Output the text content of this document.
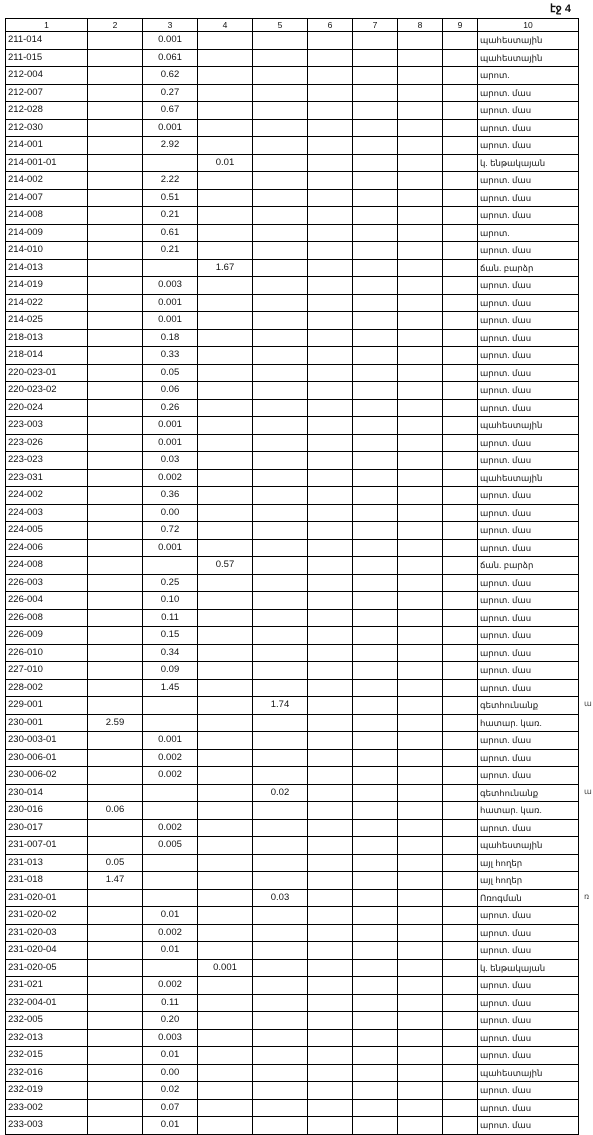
էջ 4
1	2	3	4	5	6	7	8	9	10
211-014		0.001							պահեստային
211-015		0.061							պահեստային
212-004		0.62							արոտ.
212-007		0.27							արոտ. մաս
212-028		0.67							արոտ. մաս
212-030		0.001							արոտ. մաս
214-001		2.92							արոտ. մաս
214-001-01			0.01						կ. ենթակայան
214-002		2.22							արոտ. մաս
214-007		0.51							արոտ. մաս
214-008		0.21							արոտ. մաս
214-009		0.61							արոտ.
214-010		0.21							արոտ. մաս
214-013			1.67						ճան. բարձր
214-019		0.003							արոտ. մաս
214-022		0.001							արոտ. մաս
214-025		0.001							արոտ. մաս
218-013		0.18							արոտ. մաս
218-014		0.33							արոտ. մաս
220-023-01		0.05							արոտ. մաս
220-023-02		0.06							արոտ. մաս
220-024		0.26							արոտ. մաս
223-003		0.001							պահեստային
223-026		0.001							արոտ. մաս
223-023		0.03							արոտ. մաս
223-031		0.002							պահեստային
224-002		0.36							արոտ. մաս
224-003		0.00							արոտ. մաս
224-005		0.72							արոտ. մաս
224-006		0.001							արոտ. մաս
224-008			0.57						ճան. բարձր
226-003		0.25							արոտ. մաս
226-004		0.10							արոտ. մաս
226-008		0.11							արոտ. մաս
226-009		0.15							արոտ. մաս
226-010		0.34							արոտ. մաս
227-010		0.09							արոտ. մաս
228-002		1.45							արոտ. մաս
229-001				1.74					գետհունանք
230-001	2.59								հատար. կառ.
230-003-01		0.001							արոտ. մաս
230-006-01		0.002							արոտ. մաս
230-006-02		0.002							արոտ. մաս
230-014				0.02					գետհունանք
230-016	0.06								հատար. կառ.
230-017		0.002							արոտ. մաս
231-007-01		0.005							պահեստային
231-013	0.05								այլ հողեր
231-018	1.47								այլ հողեր
231-020-01				0.03					Ոռոգման
231-020-02		0.01							արոտ. մաս
231-020-03		0.002							արոտ. մաս
231-020-04		0.01							արոտ. մաս
231-020-05			0.001						կ. ենթակայան
231-021		0.002							արոտ. մաս
232-004-01		0.11							արոտ. մաս
232-005		0.20							արոտ. մաս
232-013		0.003							արոտ. մաս
232-015		0.01							արոտ. մաս
232-016		0.00							պահեստային
232-019		0.02							արոտ. մաս
233-002		0.07							արոտ. մաս
233-003		0.01							արոտ. մաս
ա
ա
ռ
